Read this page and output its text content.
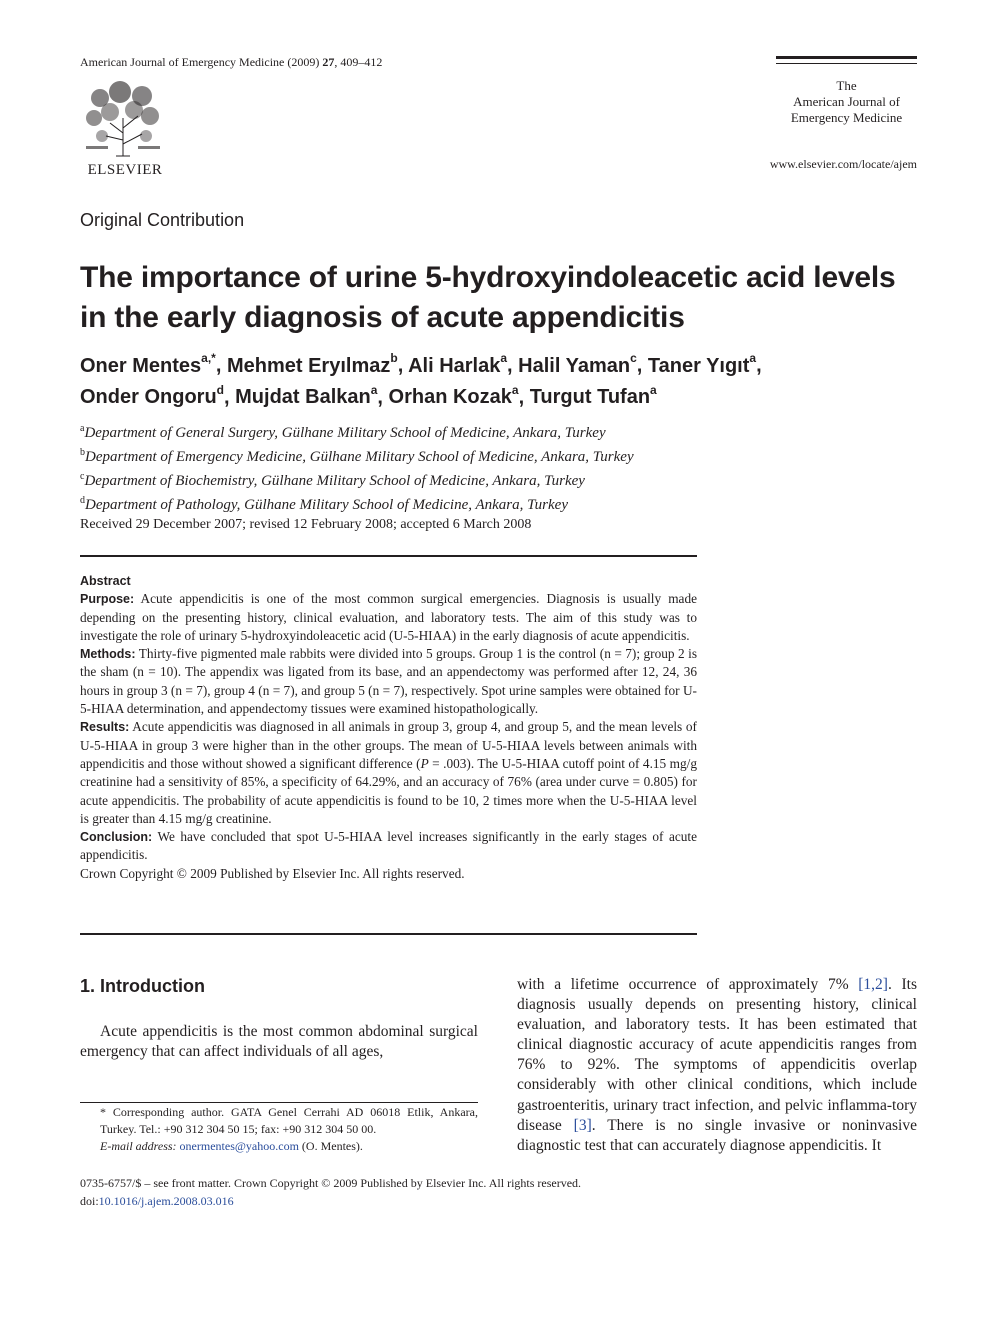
American Journal of Emergency Medicine (2009) 27, 409–412
ELSEVIER
The
American Journal of
Emergency Medicine
www.elsevier.com/locate/ajem
Original Contribution
The importance of urine 5-hydroxyindoleacetic acid levels in the early diagnosis of acute appendicitis
Oner Mentes$^{a,*}$, Mehmet Eryılmaz$^b$, Ali Harlak$^a$, Halil Yaman$^c$, Taner Yıgıt$^a$,
Onder Ongoru$^d$, Mujdat Balkan$^a$, Orhan Kozak$^a$, Turgut Tufan$^a$
$^a$Department of General Surgery, Gülhane Military School of Medicine, Ankara, Turkey
$^b$Department of Emergency Medicine, Gülhane Military School of Medicine, Ankara, Turkey
$^c$Department of Biochemistry, Gülhane Military School of Medicine, Ankara, Turkey
$^d$Department of Pathology, Gülhane Military School of Medicine, Ankara, Turkey
Received 29 December 2007; revised 12 February 2008; accepted 6 March 2008

Abstract

Purpose: Acute appendicitis is one of the most common surgical emergencies. Diagnosis is usually made depending on the presenting history, clinical evaluation, and laboratory tests. The aim of this study was to investigate the role of urinary 5-hydroxyindoleacetic acid (U-5-HIAA) in the early diagnosis of acute appendicitis.

Methods: Thirty-five pigmented male rabbits were divided into 5 groups. Group 1 is the control (n = 7); group 2 is the sham (n = 10). The appendix was ligated from its base, and an appendectomy was performed after 12, 24, 36 hours in group 3 (n = 7), group 4 (n = 7), and group 5 (n = 7), respectively. Spot urine samples were obtained for U-5-HIAA determination, and appendectomy tissues were examined histopathologically.

Results: Acute appendicitis was diagnosed in all animals in group 3, group 4, and group 5, and the mean levels of U-5-HIAA in group 3 were higher than in the other groups. The mean of U-5-HIAA levels between animals with appendicitis and those without showed a significant difference (P = .003). The U-5-HIAA cutoff point of 4.15 mg/g creatinine had a sensitivity of 85%, a specificity of 64.29%, and an accuracy of 76% (area under curve = 0.805) for acute appendicitis. The probability of acute appendicitis is found to be 10, 2 times more when the U-5-HIAA level is greater than 4.15 mg/g creatinine.

Conclusion: We have concluded that spot U-5-HIAA level increases significantly in the early stages of acute appendicitis.

Crown Copyright © 2009 Published by Elsevier Inc. All rights reserved.

1. Introduction
Acute appendicitis is the most common abdominal surgical emergency that can affect individuals of all ages,
with a lifetime occurrence of approximately 7% [1,2]. Its diagnosis usually depends on presenting history, clinical evaluation, and laboratory tests. It has been estimated that clinical diagnostic accuracy of acute appendicitis ranges from 76% to 92%. The symptoms of appendicitis overlap considerably with other clinical conditions, which include gastroenteritis, urinary tract infection, and pelvic inflamma-tory disease [3]. There is no single invasive or noninvasive diagnostic test that can accurately diagnose appendicitis. It
* Corresponding author. GATA Genel Cerrahi AD 06018 Etlik, Ankara, Turkey. Tel.: +90 312 304 50 15; fax: +90 312 304 50 00.
E-mail address: onermentes@yahoo.com (O. Mentes).
0735-6757/$ – see front matter. Crown Copyright © 2009 Published by Elsevier Inc. All rights reserved.
doi:10.1016/j.ajem.2008.03.016
